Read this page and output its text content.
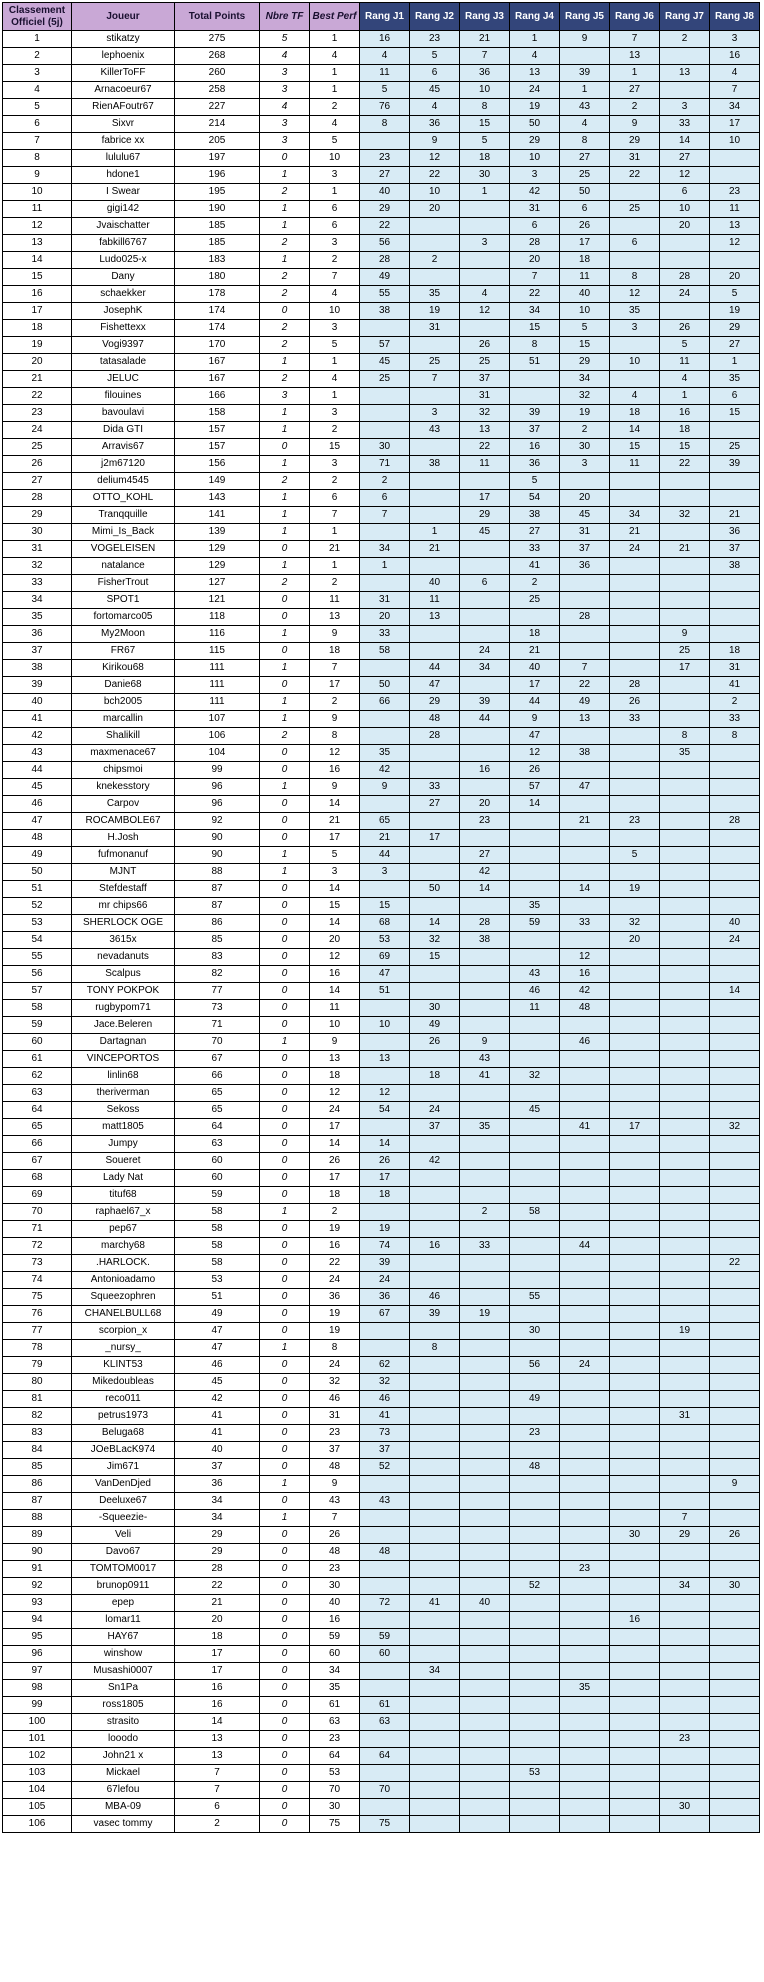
Classement Officiel (5j)	Joueur	Total Points	Nbre TF	Best Perf	Rang J1	Rang J2	Rang J3	Rang J4	Rang J5	Rang J6	Rang J7	Rang J8
1	stikatzy	275	5	1	16	23	21	1	9	7	2	3
2	lephoenix	268	4	4	4	5	7	4		13		16
3	KillerToFF	260	3	1	11	6	36	13	39	1	13	4
4	Arnacoeur67	258	3	1	5	45	10	24	1	27		7
5	RienAFoutr67	227	4	2	76	4	8	19	43	2	3	34
6	Sixvr	214	3	4	8	36	15	50	4	9	33	17
7	fabrice xx	205	3	5		9	5	29	8	29	14	10
8	lululu67	197	0	10	23	12	18	10	27	31	27	
9	hdone1	196	1	3	27	22	30	3	25	22	12	
10	I Swear	195	2	1	40	10	1	42	50		6	23
11	gigi142	190	1	6	29	20		31	6	25	10	11
12	Jvaischatter	185	1	6	22			6	26		20	13
13	fabkill6767	185	2	3	56		3	28	17	6		12
14	Ludo025-x	183	1	2	28	2		20	18			
15	Dany	180	2	7	49			7	11	8	28	20
16	schaekker	178	2	4	55	35	4	22	40	12	24	5
17	JosephK	174	0	10	38	19	12	34	10	35		19
18	Fishettexx	174	2	3		31		15	5	3	26	29
19	Vogi9397	170	2	5	57		26	8	15		5	27
20	tatasalade	167	1	1	45	25	25	51	29	10	11	1
21	JELUC	167	2	4	25	7	37		34		4	35
22	filouines	166	3	1			31		32	4	1	6
23	bavoulavi	158	1	3		3	32	39	19	18	16	15
24	Dida GTI	157	1	2		43	13	37	2	14	18	
25	Arravis67	157	0	15	30		22	16	30	15	15	25
26	j2m67120	156	1	3	71	38	11	36	3	11	22	39
27	delium4545	149	2	2	2			5				
28	OTTO_KOHL	143	1	6	6		17	54	20			
29	Tranqquille	141	1	7	7		29	38	45	34	32	21
30	Mimi_Is_Back	139	1	1		1	45	27	31	21		36
31	VOGELEISEN	129	0	21	34	21		33	37	24	21	37
32	natalance	129	1	1	1			41	36			38
33	FisherTrout	127	2	2		40	6	2				
34	SPOT1	121	0	11	31	11		25				
35	fortomarco05	118	0	13	20	13			28			
36	My2Moon	116	1	9	33			18			9	
37	FR67	115	0	18	58		24	21			25	18
38	Kirikou68	111	1	7		44	34	40	7		17	31
39	Danie68	111	0	17	50	47		17	22	28		41
40	bch2005	111	1	2	66	29	39	44	49	26		2
41	marcallin	107	1	9		48	44	9	13	33		33
42	Shalikill	106	2	8		28		47			8	8
43	maxmenace67	104	0	12	35			12	38		35	
44	chipsmoi	99	0	16	42		16	26				
45	knekesstory	96	1	9	9	33		57	47			
46	Carpov	96	0	14		27	20	14				
47	ROCAMBOLE67	92	0	21	65		23		21	23		28
48	H.Josh	90	0	17	21	17						
49	fufmonanuf	90	1	5	44		27			5		
50	MJNT	88	1	3	3		42					
51	Stefdestaff	87	0	14		50	14		14	19		
52	mr chips66	87	0	15	15			35				
53	SHERLOCK OGE	86	0	14	68	14	28	59	33	32		40
54	3615x	85	0	20	53	32	38			20		24
55	nevadanuts	83	0	12	69	15			12			
56	Scalpus	82	0	16	47			43	16			
57	TONY POKPOK	77	0	14	51			46	42			14
58	rugbypom71	73	0	11		30		11	48			
59	Jace.Beleren	71	0	10	10	49						
60	Dartagnan	70	1	9		26	9		46			
61	VINCEPORTOS	67	0	13	13		43					
62	linlin68	66	0	18		18	41	32				
63	theriverman	65	0	12	12							
64	Sekoss	65	0	24	54	24		45				
65	matt1805	64	0	17		37	35		41	17		32
66	Jumpy	63	0	14	14							
67	Soueret	60	0	26	26	42						
68	Lady Nat	60	0	17	17							
69	tituf68	59	0	18	18							
70	raphael67_x	58	1	2			2	58				
71	pep67	58	0	19	19							
72	marchy68	58	0	16	74	16	33		44			
73	.HARLOCK.	58	0	22	39							22
74	Antonioadamo	53	0	24	24							
75	Squeezophren	51	0	36	36	46		55				
76	CHANELBULL68	49	0	19	67	39	19					
77	scorpion_x	47	0	19				30			19	
78	_nursy_	47	1	8		8						
79	KLINT53	46	0	24	62			56	24			
80	Mikedoubleas	45	0	32	32							
81	reco011	42	0	46	46			49				
82	petrus1973	41	0	31	41						31	
83	Beluga68	41	0	23	73			23				
84	JOeBLacK974	40	0	37	37							
85	Jim671	37	0	48	52			48				
86	VanDenDjed	36	1	9								9
87	Deeluxe67	34	0	43	43							
88	-Squeezie-	34	1	7							7	
89	Veli	29	0	26						30	29	26
90	Davo67	29	0	48	48							
91	TOMTOM0017	28	0	23					23			
92	brunop0911	22	0	30				52			34	30
93	epep	21	0	40	72	41	40					
94	lomar11	20	0	16						16		
95	HAY67	18	0	59	59							
96	winshow	17	0	60	60							
97	Musashi0007	17	0	34		34						
98	Sn1Pa	16	0	35					35			
99	ross1805	16	0	61	61							
100	strasito	14	0	63	63							
101	looodo	13	0	23							23	
102	John21 x	13	0	64	64							
103	Mickael	7	0	53				53				
104	67lefou	7	0	70	70							
105	MBA-09	6	0	30							30	
106	vasec tommy	2	0	75	75							
